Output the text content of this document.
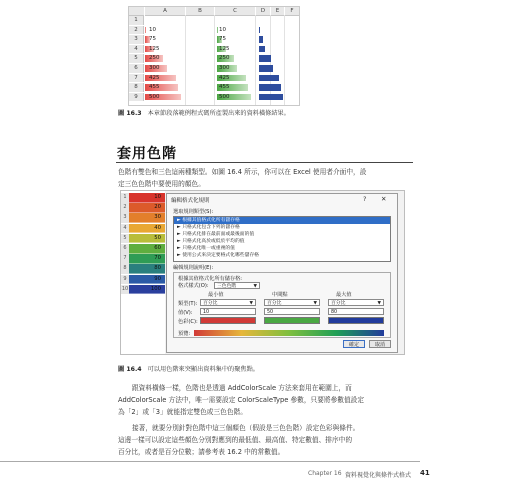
A	B	C	D	E	F
1
2	10	10
3	75	75
4	125	125
5	250	250
6	300	300
7	425	425
8	455	455
9	500	500
圖 16.3 本章節段落範例程式碼所產製出來的資料橫條結果。
套用色階
色階有雙色和三色這兩種類型。如圖 16.4 所示，你可以在 Excel 使用者介面中，設
定三色色階中要使用的顏色。
1	10
2	20
3	30
4	40
5	50
6	60
7	70
8	80
9	90
10	100
編輯格式化規則	? ✕
選取規則類型(S):
► 根據其值格式化所有儲存格
► 只格式化包含下列的儲存格
► 只格式化排在最前面或最後面的值
► 只格式化高於或低於平均的值
► 只格式化唯一或重複的值
► 使用公式來決定要格式化哪些儲存格
編輯規則說明(E):
根據其值格式化所有儲存格:
格式樣式(O):	三色色階	▼
最小值	中間點	最大值
類型(T):	百分比	▼	百分比	▼	百分比	▼
值(V):	10	50	80
色彩(C):
預覽:
確定	取消
圖 16.4 可以用色階來突顯出資料集中的聚焦點。
跟資料橫條一樣，色階也是透過 AddColorScale 方法來套用在範圍上，而
AddColorScale 方法中，唯一需要設定 ColorScaleType 參數，只要將參數值設定
為「2」或「3」就能指定雙色或三色色階。
接著，就要分別針對色階中這三個顏色（假設是三色色階）設定色彩與條件。
這邊一樣可以設定這些顏色分別對應到的最低值、最高值、特定數值、排序中的
百分比，或者是百分位數；請參考表 16.2 中的常數值。
Chapter 16 資料視覺化與條件式格式 41
